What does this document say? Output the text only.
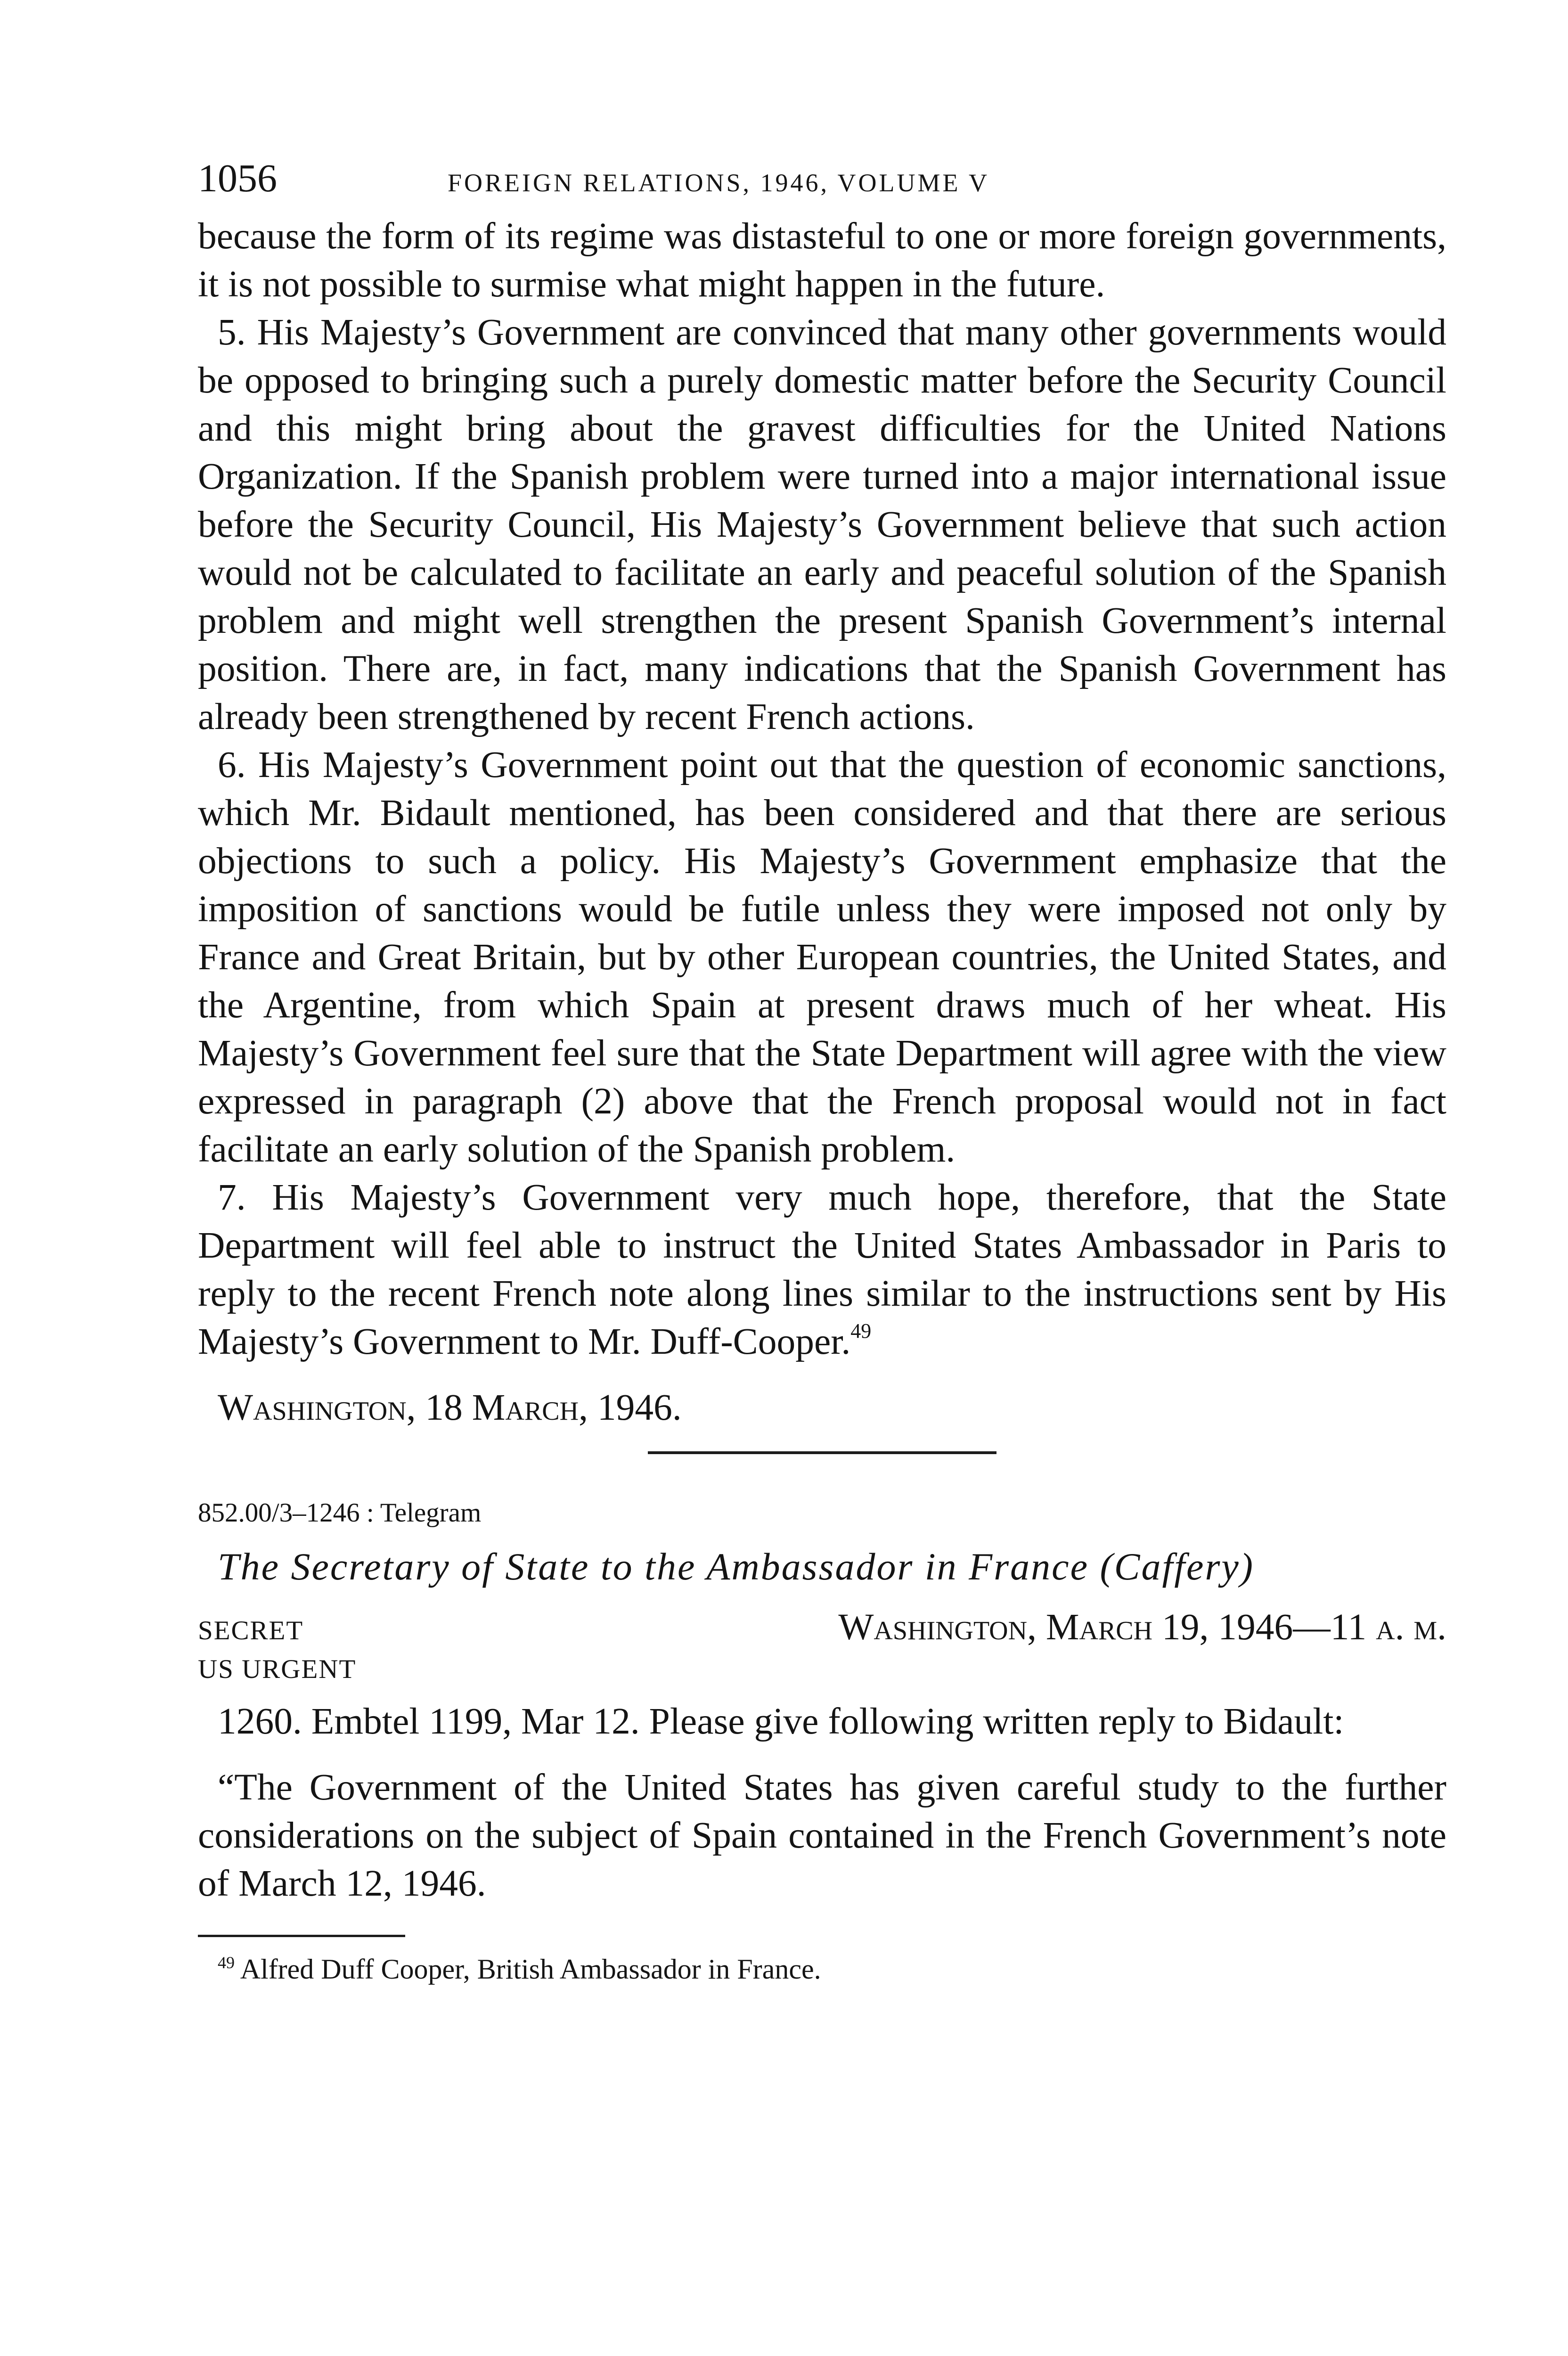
1056	FOREIGN RELATIONS, 1946, VOLUME V

because the form of its regime was distasteful to one or more foreign governments, it is not possible to surmise what might happen in the future.

5. His Majesty’s Government are convinced that many other governments would be opposed to bringing such a purely domestic matter before the Security Council and this might bring about the gravest difficulties for the United Nations Organization. If the Spanish problem were turned into a major international issue before the Security Council, His Majesty’s Government believe that such action would not be calculated to facilitate an early and peaceful solution of the Spanish problem and might well strengthen the present Spanish Government’s internal position. There are, in fact, many indications that the Spanish Government has already been strengthened by recent French actions.

6. His Majesty’s Government point out that the question of economic sanctions, which Mr. Bidault mentioned, has been considered and that there are serious objections to such a policy. His Majesty’s Government emphasize that the imposition of sanctions would be futile unless they were imposed not only by France and Great Britain, but by other European countries, the United States, and the Argentine, from which Spain at present draws much of her wheat. His Majesty’s Government feel sure that the State Department will agree with the view expressed in paragraph (2) above that the French proposal would not in fact facilitate an early solution of the Spanish problem.

7. His Majesty’s Government very much hope, therefore, that the State Department will feel able to instruct the United States Ambassador in Paris to reply to the recent French note along lines similar to the instructions sent by His Majesty’s Government to Mr. Duff-Cooper.$^{49}$

Washington, 18 March, 1946.

852.00/3–1246 : Telegram
The Secretary of State to the Ambassador in France (Caffery)
SECRET	Washington, March 19, 1946—11 a. m.
US URGENT

1260. Embtel 1199, Mar 12. Please give following written reply to Bidault:

“The Government of the United States has given careful study to the further considerations on the subject of Spain contained in the French Government’s note of March 12, 1946.

$^{49}$ Alfred Duff Cooper, British Ambassador in France.
